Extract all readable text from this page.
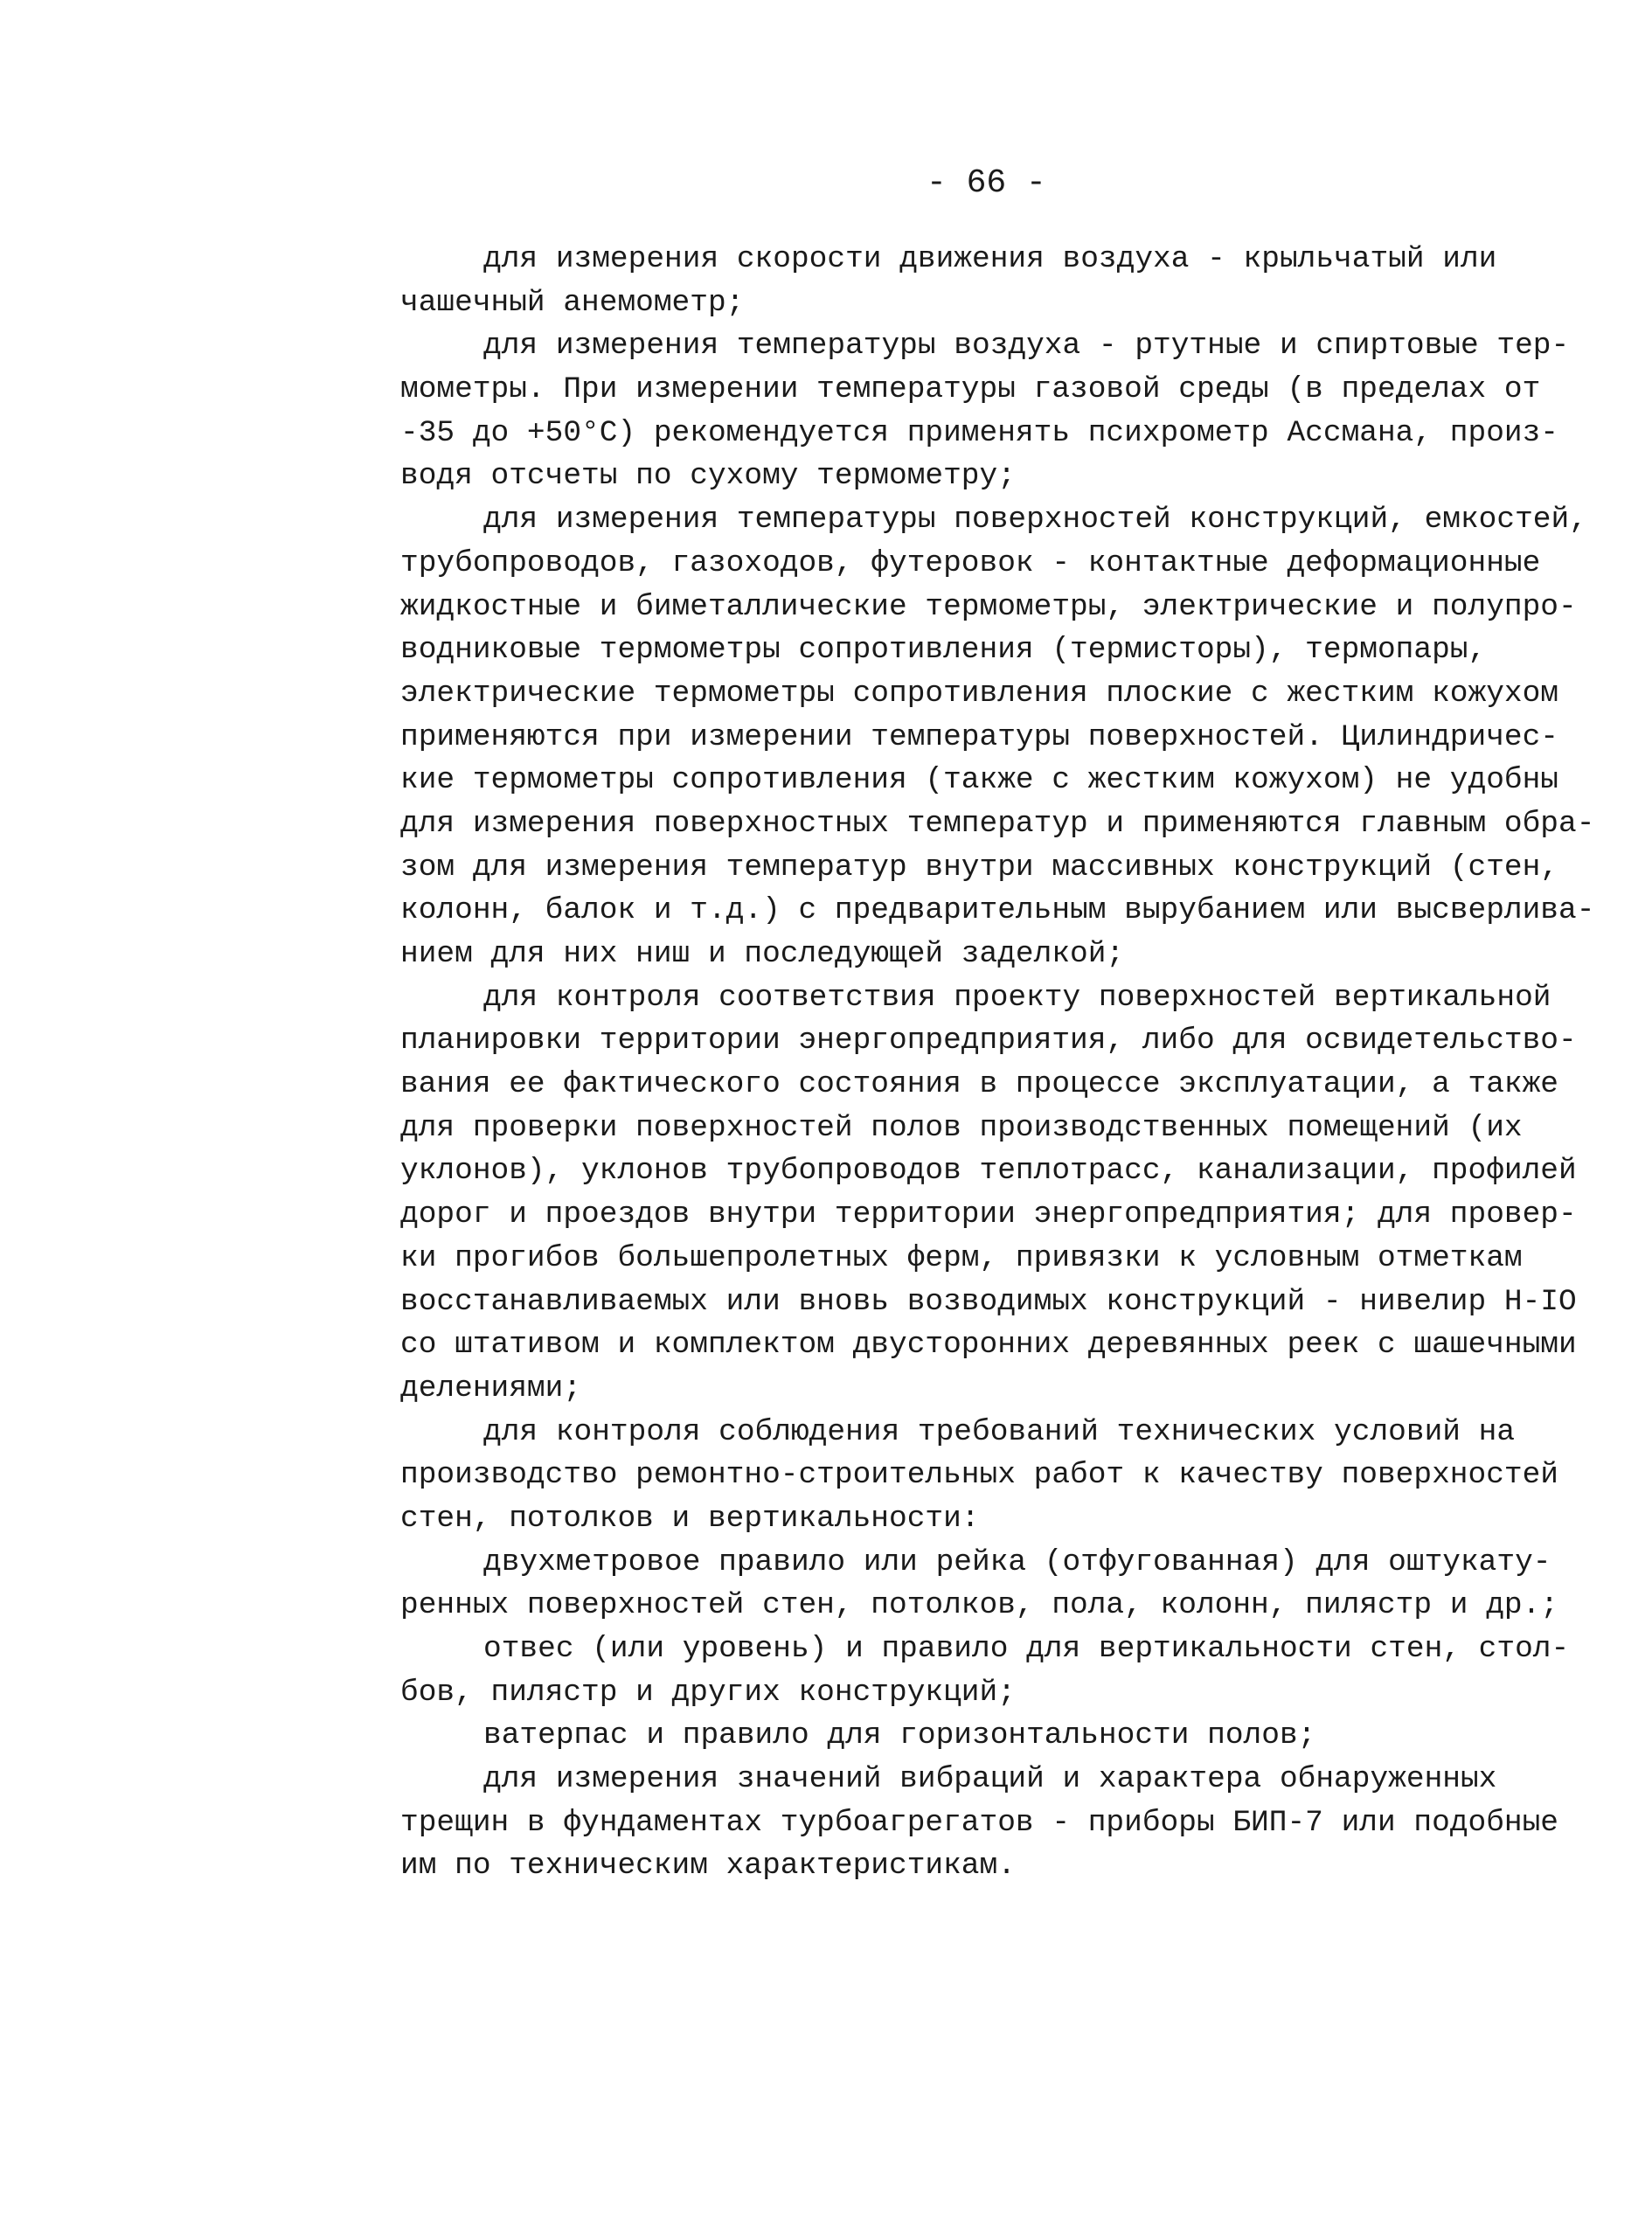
- 66 -
для измерения скорости движения воздуха - крыльчатый или
чашечный анемометр;
для измерения температуры воздуха - ртутные и спиртовые тер-
мометры. При измерении температуры газовой среды (в пределах от
-35 до +50°С) рекомендуется применять психрометр Ассмана, произ-
водя отсчеты по сухому термометру;
для измерения температуры поверхностей конструкций, емкостей,
трубопроводов, газоходов, футеровок - контактные деформационные
жидкостные и биметаллические термометры, электрические и полупро-
водниковые термометры сопротивления (термисторы), термопары,
электрические термометры сопротивления плоские с жестким кожухом
применяются при измерении температуры поверхностей. Цилиндричес-
кие термометры сопротивления (также с жестким кожухом) не удобны
для измерения поверхностных температур и применяются главным обра-
зом для измерения температур внутри массивных конструкций (стен,
колонн, балок и т.д.) с предварительным вырубанием или высверлива-
нием для них ниш и последующей заделкой;
для контроля соответствия проекту поверхностей вертикальной
планировки территории энергопредприятия, либо для освидетельство-
вания ее фактического состояния в процессе эксплуатации, а также
для проверки поверхностей полов производственных помещений (их
уклонов), уклонов трубопроводов теплотрасс, канализации, профилей
дорог и проездов внутри территории энергопредприятия; для провер-
ки прогибов большепролетных ферм, привязки к условным отметкам
восстанавливаемых или вновь возводимых конструкций - нивелир Н-IO
со штативом и комплектом двусторонних деревянных реек с шашечными
делениями;
для контроля соблюдения требований технических условий на
производство ремонтно-строительных работ к качеству поверхностей
стен, потолков и вертикальности:
двухметровое правило или рейка (отфугованная) для оштукату-
ренных поверхностей стен, потолков, пола, колонн, пилястр и др.;
отвес (или уровень) и правило для вертикальности стен, стол-
бов, пилястр и других конструкций;
ватерпас и правило для горизонтальности полов;
для измерения значений вибраций и характера обнаруженных
трещин в фундаментах турбоагрегатов - приборы БИП-7 или подобные
им по техническим характеристикам.
